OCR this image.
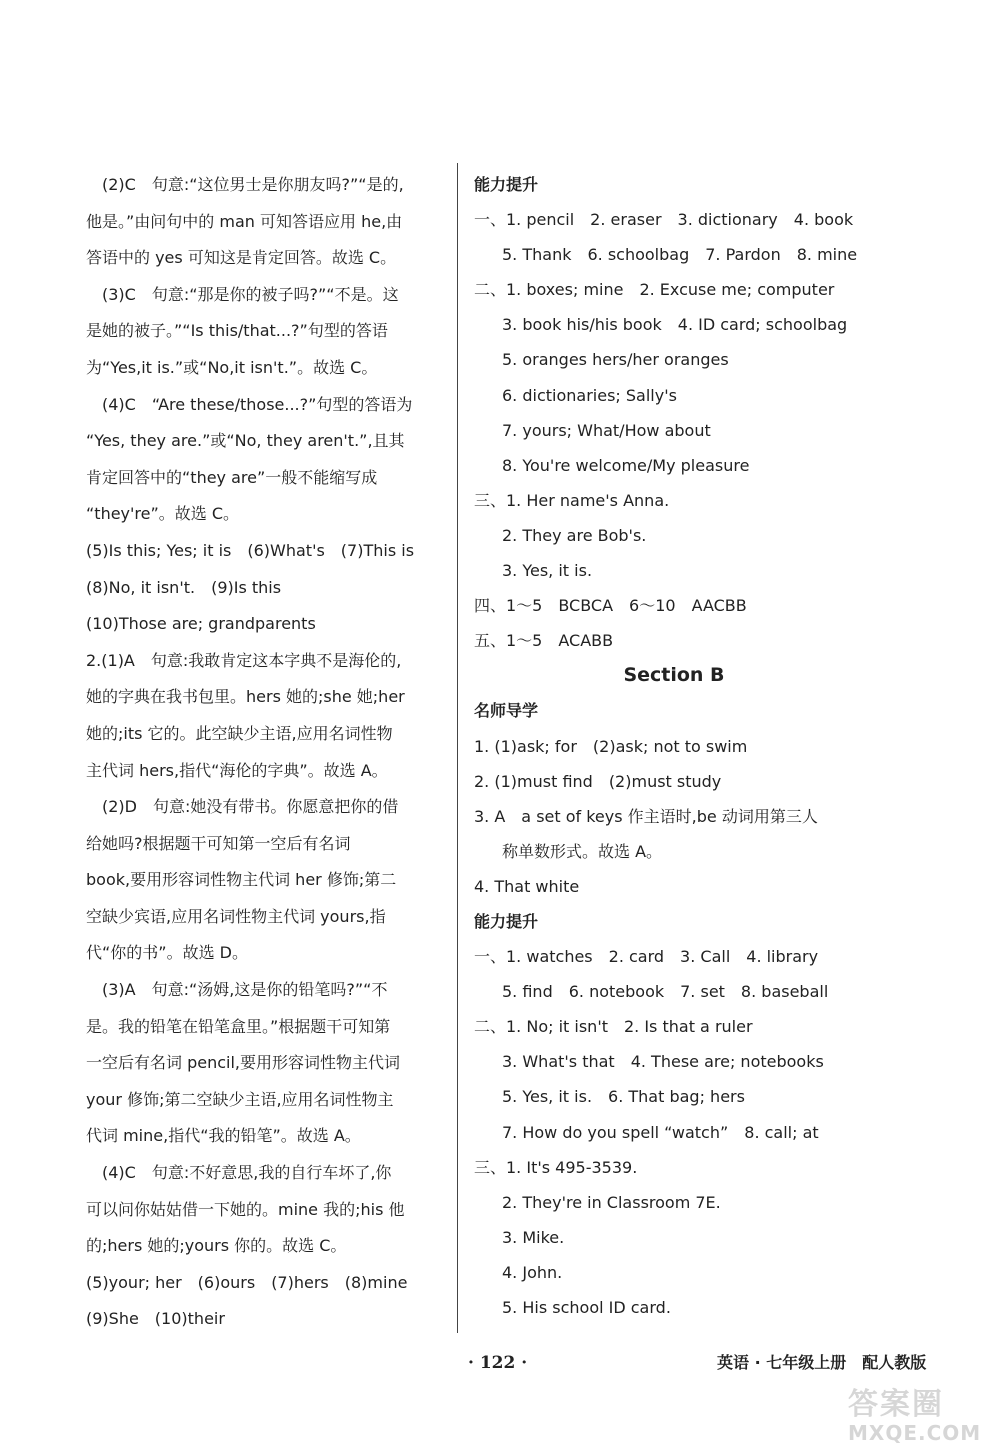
(2)C　句意:“这位男士是你朋友吗?”“是的,
他是。”由问句中的 man 可知答语应用 he,由
答语中的 yes 可知这是肯定回答。故选 C。
(3)C　句意:“那是你的被子吗?”“不是。这
是她的被子。”“Is this/that...?”句型的答语
为“Yes,it is.”或“No,it isn't.”。故选 C。
(4)C　“Are these/those...?”句型的答语为
“Yes, they are.”或“No, they aren't.”,且其
肯定回答中的“they are”一般不能缩写成
“they're”。故选 C。
(5)Is this; Yes; it is　(6)What's　(7)This is
(8)No, it isn't.　(9)Is this
(10)Those are; grandparents
2.(1)A　句意:我敢肯定这本字典不是海伦的,
她的字典在我书包里。hers 她的;she 她;her
她的;its 它的。此空缺少主语,应用名词性物
主代词 hers,指代“海伦的字典”。故选 A。
(2)D　句意:她没有带书。你愿意把你的借
给她吗?根据题干可知第一空后有名词
book,要用形容词性物主代词 her 修饰;第二
空缺少宾语,应用名词性物主代词 yours,指
代“你的书”。故选 D。
(3)A　句意:“汤姆,这是你的铅笔吗?”“不
是。我的铅笔在铅笔盒里。”根据题干可知第
一空后有名词 pencil,要用形容词性物主代词
your 修饰;第二空缺少主语,应用名词性物主
代词 mine,指代“我的铅笔”。故选 A。
(4)C　句意:不好意思,我的自行车坏了,你
可以问你姑姑借一下她的。mine 我的;his 他
的;hers 她的;yours 你的。故选 C。
(5)your; her　(6)ours　(7)hers　(8)mine
(9)She　(10)their
能力提升
一、1. pencil　2. eraser　3. dictionary　4. book
5. Thank　6. schoolbag　7. Pardon　8. mine
二、1. boxes; mine　2. Excuse me; computer
3. book his/his book　4. ID card; schoolbag
5. oranges hers/her oranges
6. dictionaries; Sally's
7. yours; What/How about
8. You're welcome/My pleasure
三、1. Her name's Anna.
2. They are Bob's.
3. Yes, it is.
四、1～5　BCBCA　6～10　AACBB
五、1～5　ACABB
Section B
名师导学
1. (1)ask; for　(2)ask; not to swim
2. (1)must find　(2)must study
3. A　a set of keys 作主语时,be 动词用第三人
称单数形式。故选 A。
4. That white
能力提升
一、1. watches　2. card　3. Call　4. library
5. find　6. notebook　7. set　8. baseball
二、1. No; it isn't　2. Is that a ruler
3. What's that　4. These are; notebooks
5. Yes, it is.　6. That bag; hers
7. How do you spell “watch”　8. call; at
三、1. It's 495-3539.
2. They're in Classroom 7E.
3. Mike.
4. John.
5. His school ID card.
· 122 ·	英语 · 七年级上册　配人教版
答案圈
MXQE.COM
